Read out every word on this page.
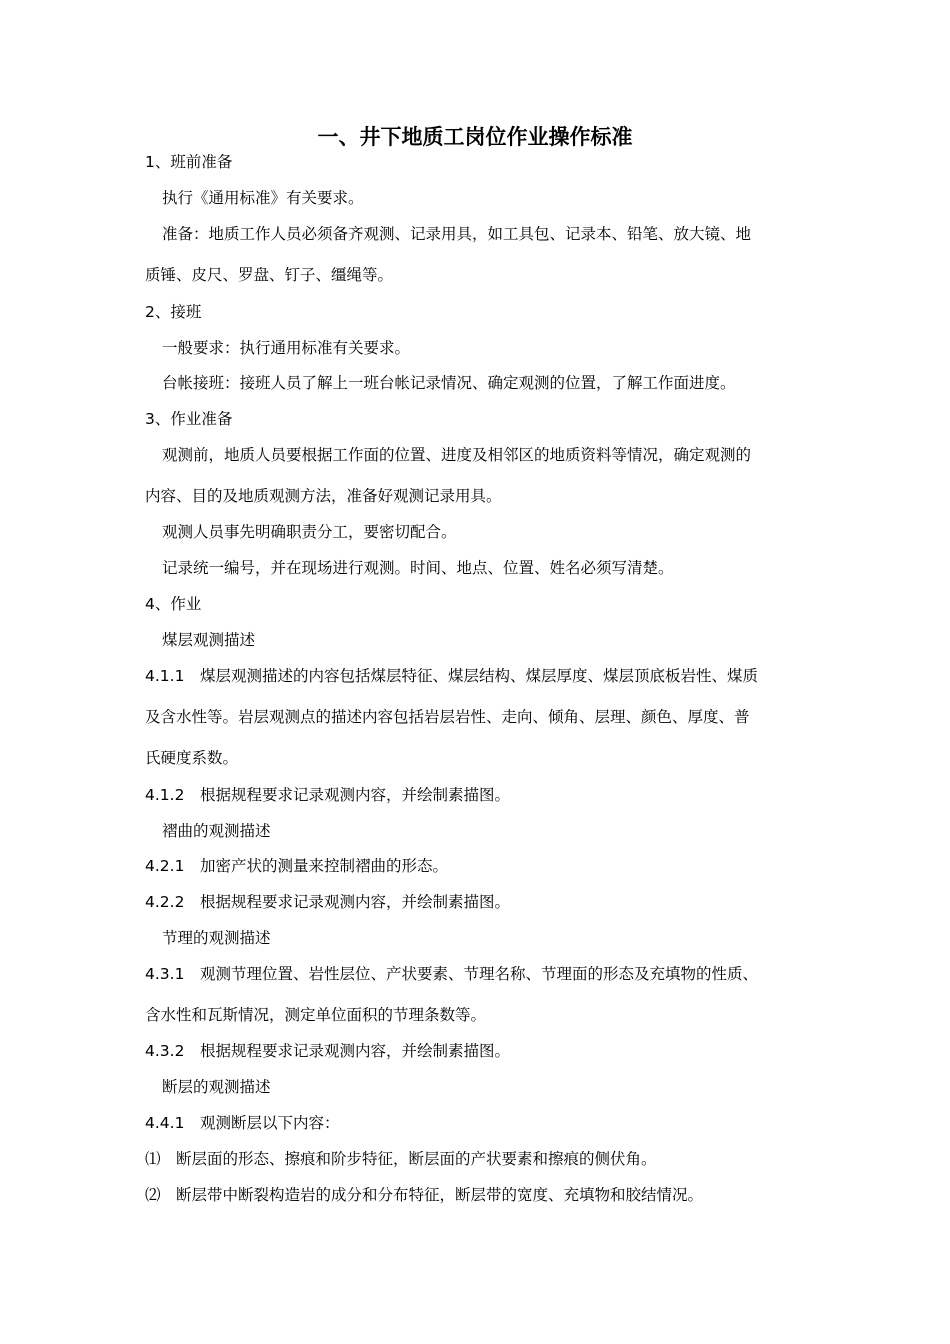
一、井下地质工岗位作业操作标准
1、班前准备
执行《通用标准》有关要求。
准备：地质工作人员必须备齐观测、记录用具，如工具包、记录本、铅笔、放大镜、地
质锤、皮尺、罗盘、钉子、缰绳等。
2、接班
一般要求：执行通用标准有关要求。
台帐接班：接班人员了解上一班台帐记录情况、确定观测的位置，了解工作面进度。
3、作业准备
观测前，地质人员要根据工作面的位置、进度及相邻区的地质资料等情况，确定观测的
内容、目的及地质观测方法，准备好观测记录用具。
观测人员事先明确职责分工，要密切配合。
记录统一编号，并在现场进行观测。时间、地点、位置、姓名必须写清楚。
4、作业
煤层观测描述
4.1.1　煤层观测描述的内容包括煤层特征、煤层结构、煤层厚度、煤层顶底板岩性、煤质
及含水性等。岩层观测点的描述内容包括岩层岩性、走向、倾角、层理、颜色、厚度、普
氏硬度系数。
4.1.2　根据规程要求记录观测内容，并绘制素描图。
褶曲的观测描述
4.2.1　加密产状的测量来控制褶曲的形态。
4.2.2　根据规程要求记录观测内容，并绘制素描图。
节理的观测描述
4.3.1　观测节理位置、岩性层位、产状要素、节理名称、节理面的形态及充填物的性质、
含水性和瓦斯情况，测定单位面积的节理条数等。
4.3.2　根据规程要求记录观测内容，并绘制素描图。
断层的观测描述
4.4.1　观测断层以下内容：
⑴　断层面的形态、擦痕和阶步特征，断层面的产状要素和擦痕的侧伏角。
⑵　断层带中断裂构造岩的成分和分布特征，断层带的宽度、充填物和胶结情况。
